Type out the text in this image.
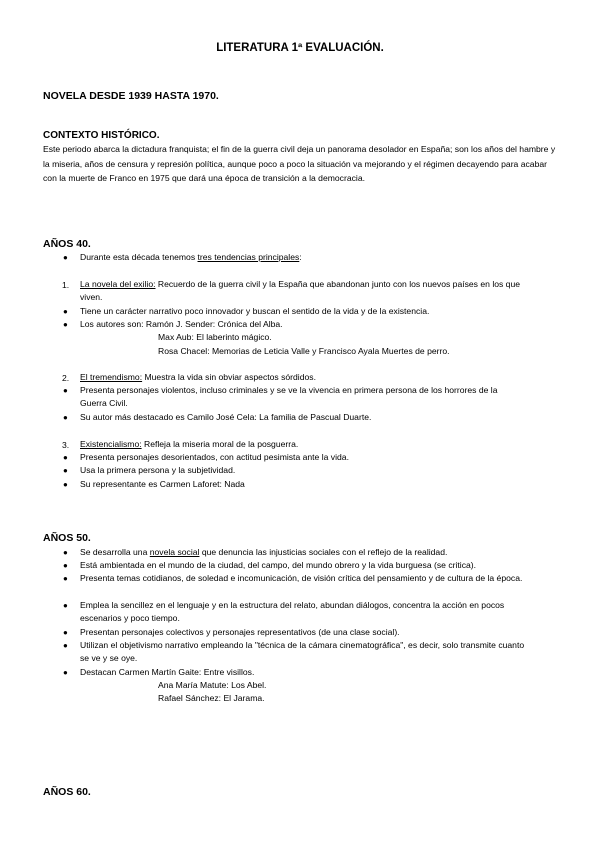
LITERATURA 1ª EVALUACIÓN.
NOVELA DESDE 1939 HASTA 1970.
CONTEXTO HISTÓRICO.
Este periodo abarca la dictadura franquista; el fin de la guerra civil deja un panorama desolador en España; son los años del hambre y la miseria, años de censura y represión política, aunque poco a poco la situación va mejorando y el régimen decayendo para acabar con la muerte de Franco en 1975 que dará una época de transición a la democracia.
AÑOS 40.
● Durante esta década tenemos tres tendencias principales:
1. La novela del exilio: Recuerdo de la guerra civil y la España que abandonan junto con los nuevos países en los que viven.
● Tiene un carácter narrativo poco innovador y buscan el sentido de la vida y de la existencia.
● Los autores son: Ramón J. Sender: Crónica del Alba.
Max Aub: El laberinto mágico.
Rosa Chacel: Memorias de Leticia Valle y Francisco Ayala Muertes de perro.
2. El tremendismo: Muestra la vida sin obviar aspectos sórdidos.
● Presenta personajes violentos, incluso criminales y se ve la vivencia en primera persona de los horrores de la Guerra Civil.
● Su autor más destacado es Camilo José Cela: La familia de Pascual Duarte.
3. Existencialismo: Refleja la miseria moral de la posguerra.
● Presenta personajes desorientados, con actitud pesimista ante la vida.
● Usa la primera persona y la subjetividad.
● Su representante es Carmen Laforet: Nada
AÑOS 50.
● Se desarrolla una novela social que denuncia las injusticias sociales con el reflejo de la realidad.
● Está ambientada en el mundo de la ciudad, del campo, del mundo obrero y la vida burguesa (se critica).
● Presenta temas cotidianos, de soledad e incomunicación, de visión crítica del pensamiento y de cultura de la época.
● Emplea la sencillez en el lenguaje y en la estructura del relato, abundan diálogos, concentra la acción en pocos escenarios y poco tiempo.
● Presentan personajes colectivos y personajes representativos (de una clase social).
● Utilizan el objetivismo narrativo empleando la "técnica de la cámara cinematográfica", es decir, solo transmite cuanto se ve y se oye.
● Destacan Carmen Martín Gaite: Entre visillos.
Ana María Matute: Los Abel.
Rafael Sánchez: El Jarama.
AÑOS 60.
